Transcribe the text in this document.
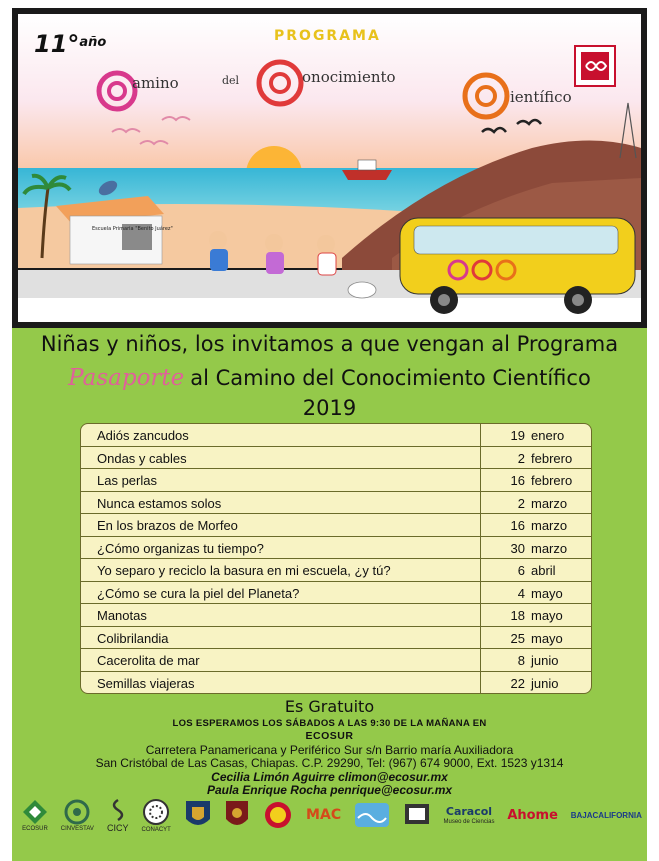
11°$^{año}$	PROGRAMA
amino	del	onocimiento
ientífico
Escuela Primaria "Benito Juárez"
Niñas y niños, los invitamos a que vengan al Programa
Pasaporte al Camino del Conocimiento Científico
2019
Adiós zancudos	19 enero
Ondas y cables	2 febrero
Las perlas	16 febrero
Nunca estamos solos	2 marzo
En los brazos de Morfeo	16 marzo
¿Cómo organizas tu tiempo?	30 marzo
Yo separo y reciclo la basura en mi escuela, ¿y tú?	6 abril
¿Cómo se cura la piel del Planeta?	4 mayo
Manotas	18 mayo
Colibrilandia	25 mayo
Cacerolita de mar	8 junio
Semillas viajeras	22 junio
Es Gratuito
LOS ESPERAMOS LOS SÁBADOS A LAS 9:30 DE LA MAÑANA EN
ECOSUR
Carretera Panamericana y Periférico Sur s/n Barrio maría Auxiliadora
San Cristóbal de Las Casas, Chiapas. C.P. 29290, Tel: (967) 674 9000, Ext. 1523 y1314
Cecilia Limón Aguirre climon@ecosur.mx
Paula Enrique Rocha penrique@ecosur.mx
ECOSUR CINVESTAV CICY CONACYT
MAC	Caracol
Museo de Ciencias Ahome BAJACALIFORNIA
